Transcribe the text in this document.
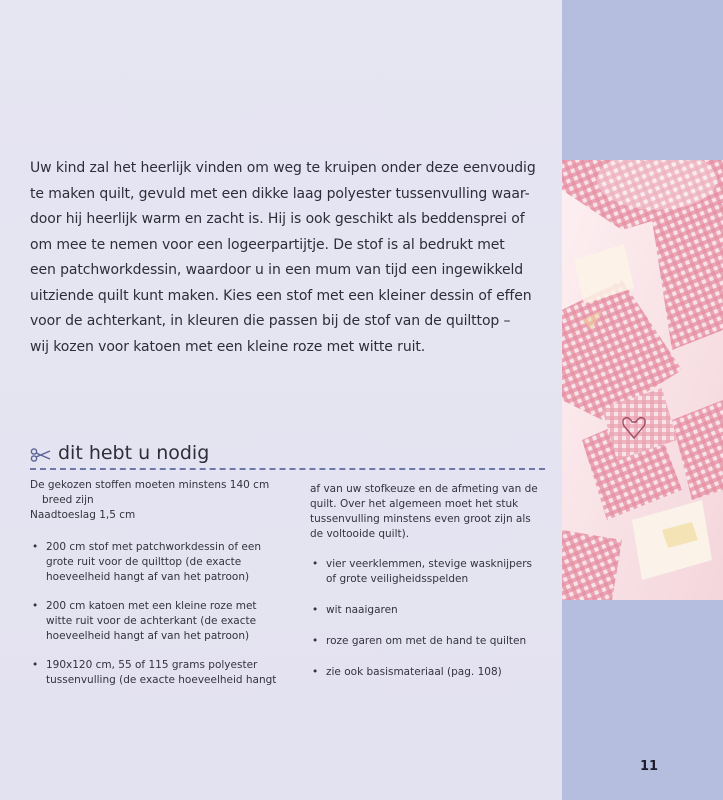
Uw kind zal het heerlijk vinden om weg te kruipen onder deze eenvoudig
te maken quilt, gevuld met een dikke laag polyester tussenvulling waar-
door hij heerlijk warm en zacht is. Hij is ook geschikt als beddensprei of
om mee te nemen voor een logeerpartijtje. De stof is al bedrukt met
een patchworkdessin, waardoor u in een mum van tijd een ingewikkeld
uitziende quilt kunt maken. Kies een stof met een kleiner dessin of effen
voor de achterkant, in kleuren die passen bij de stof van de quilttop –
wij kozen voor katoen met een kleine roze met witte ruit.
dit hebt u nodig

De gekozen stoffen moeten minstens 140 cm

breed zijn

Naadtoeslag 1,5 cm

• 200 cm stof met patchworkdessin of een grote ruit voor de quilttop (de exacte hoeveelheid hangt af van het patroon)
• 200 cm katoen met een kleine roze met witte ruit voor de achterkant (de exacte hoeveelheid hangt af van het patroon)
• 190x120 cm, 55 of 115 grams polyester tussenvulling (de exacte hoeveelheid hangt

af van uw stofkeuze en de afmeting van de quilt. Over het algemeen moet het stuk tussenvulling minstens even groot zijn als de voltooide quilt).

• vier veerklemmen, stevige wasknijpers of grote veiligheidsspelden
• wit naaigaren
• roze garen om met de hand te quilten
• zie ook basismateriaal (pag. 108)
11
